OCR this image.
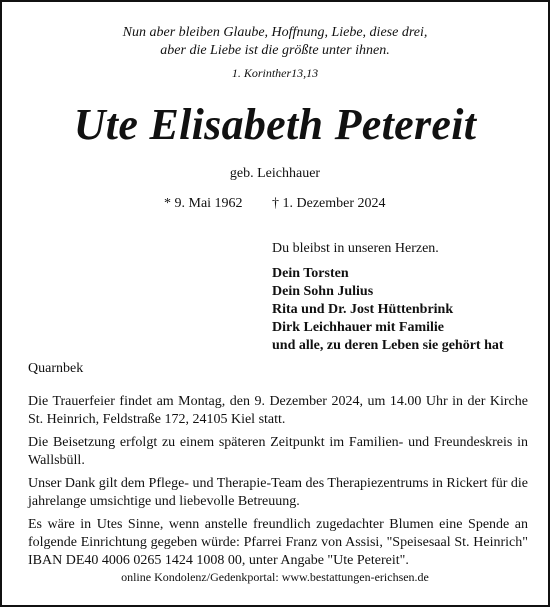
Nun aber bleiben Glaube, Hoffnung, Liebe, diese drei,
aber die Liebe ist die größte unter ihnen.
1. Korinther13,13
Ute Elisabeth Petereit
geb. Leichhauer
* 9. Mai 1962 † 1. Dezember 2024
Du bleibst in unseren Herzen.
Dein Torsten
Dein Sohn Julius
Rita und Dr. Jost Hüttenbrink
Dirk Leichhauer mit Familie
und alle, zu deren Leben sie gehört hat
Quarnbek

Die Trauerfeier findet am Montag, den 9. Dezember 2024, um 14.00 Uhr in der Kirche St. Heinrich, Feldstraße 172, 24105 Kiel statt.

Die Beisetzung erfolgt zu einem späteren Zeitpunkt im Familien- und Freundeskreis in Wallsbüll.

Unser Dank gilt dem Pflege- und Therapie-Team des Therapiezentrums in Rickert für die jahrelange umsichtige und liebevolle Betreuung.

Es wäre in Utes Sinne, wenn anstelle freundlich zugedachter Blumen eine Spende an folgende Einrichtung gegeben würde: Pfarrei Franz von Assisi, "Speisesaal St. Heinrich" IBAN DE40 4006 0265 1424 1008 00, unter Angabe "Ute Petereit".

online Kondolenz/Gedenkportal: www.bestattungen-erichsen.de
